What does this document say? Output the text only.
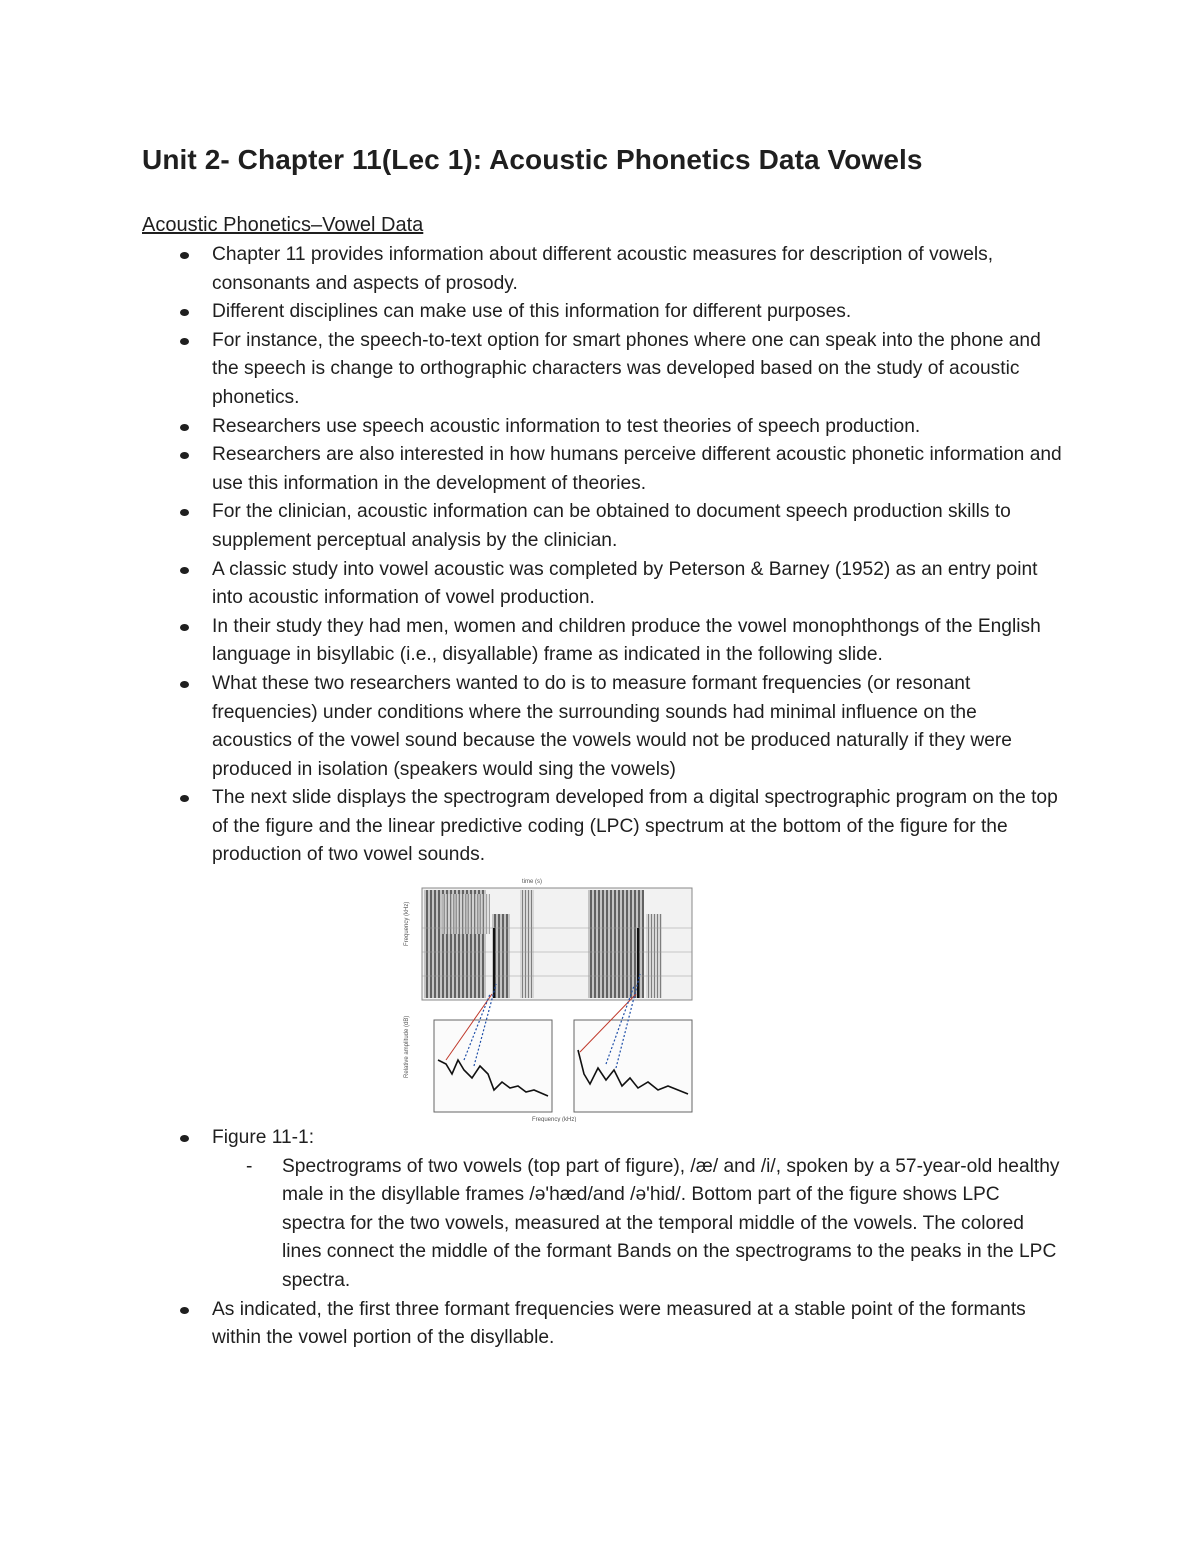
Unit 2- Chapter 11(Lec 1): Acoustic Phonetics Data Vowels
Acoustic Phonetics–Vowel Data
Chapter 11 provides information about different acoustic measures for description of vowels, consonants and aspects of prosody.
Different disciplines can make use of this information for different purposes.
For instance, the speech-to-text option for smart phones where one can speak into the phone and the speech is change to orthographic characters was developed based on the study of acoustic phonetics.
Researchers use speech acoustic information to test theories of speech production.
Researchers are also interested in how humans perceive different acoustic phonetic information and use this information in the development of theories.
For the clinician, acoustic information can be obtained to document speech production skills to supplement perceptual analysis by the clinician.
A classic study into vowel acoustic was completed by Peterson & Barney (1952) as an entry point into acoustic information of vowel production.
In their study they had men, women and children produce the vowel monophthongs of the English language in bisyllabic (i.e., disyallable) frame as indicated in the following slide.
What these two researchers wanted to do is to measure formant frequencies (or resonant frequencies) under conditions where the surrounding sounds had minimal influence on the acoustics of the vowel sound because the vowels would not be produced naturally if they were produced in isolation (speakers would sing the vowels)
The next slide displays the spectrogram developed from a digital spectrographic program on the top of the figure and the linear predictive coding (LPC) spectrum at the bottom of the figure for the production of two vowel sounds.
Frequency (kHz)
time (s)
Relative amplitude (dB)
Frequency (kHz)
Figure 11-1:
- Spectrograms of two vowels (top part of figure), /æ/ and /i/, spoken by a 57-year-old healthy male in the disyllable frames /ə'hæd/and /ə'hid/. Bottom part of the figure shows LPC spectra for the two vowels, measured at the temporal middle of the vowels. The colored lines connect the middle of the formant Bands on the spectrograms to the peaks in the LPC spectra.
As indicated, the first three formant frequencies were measured at a stable point of the formants within the vowel portion of the disyllable.
